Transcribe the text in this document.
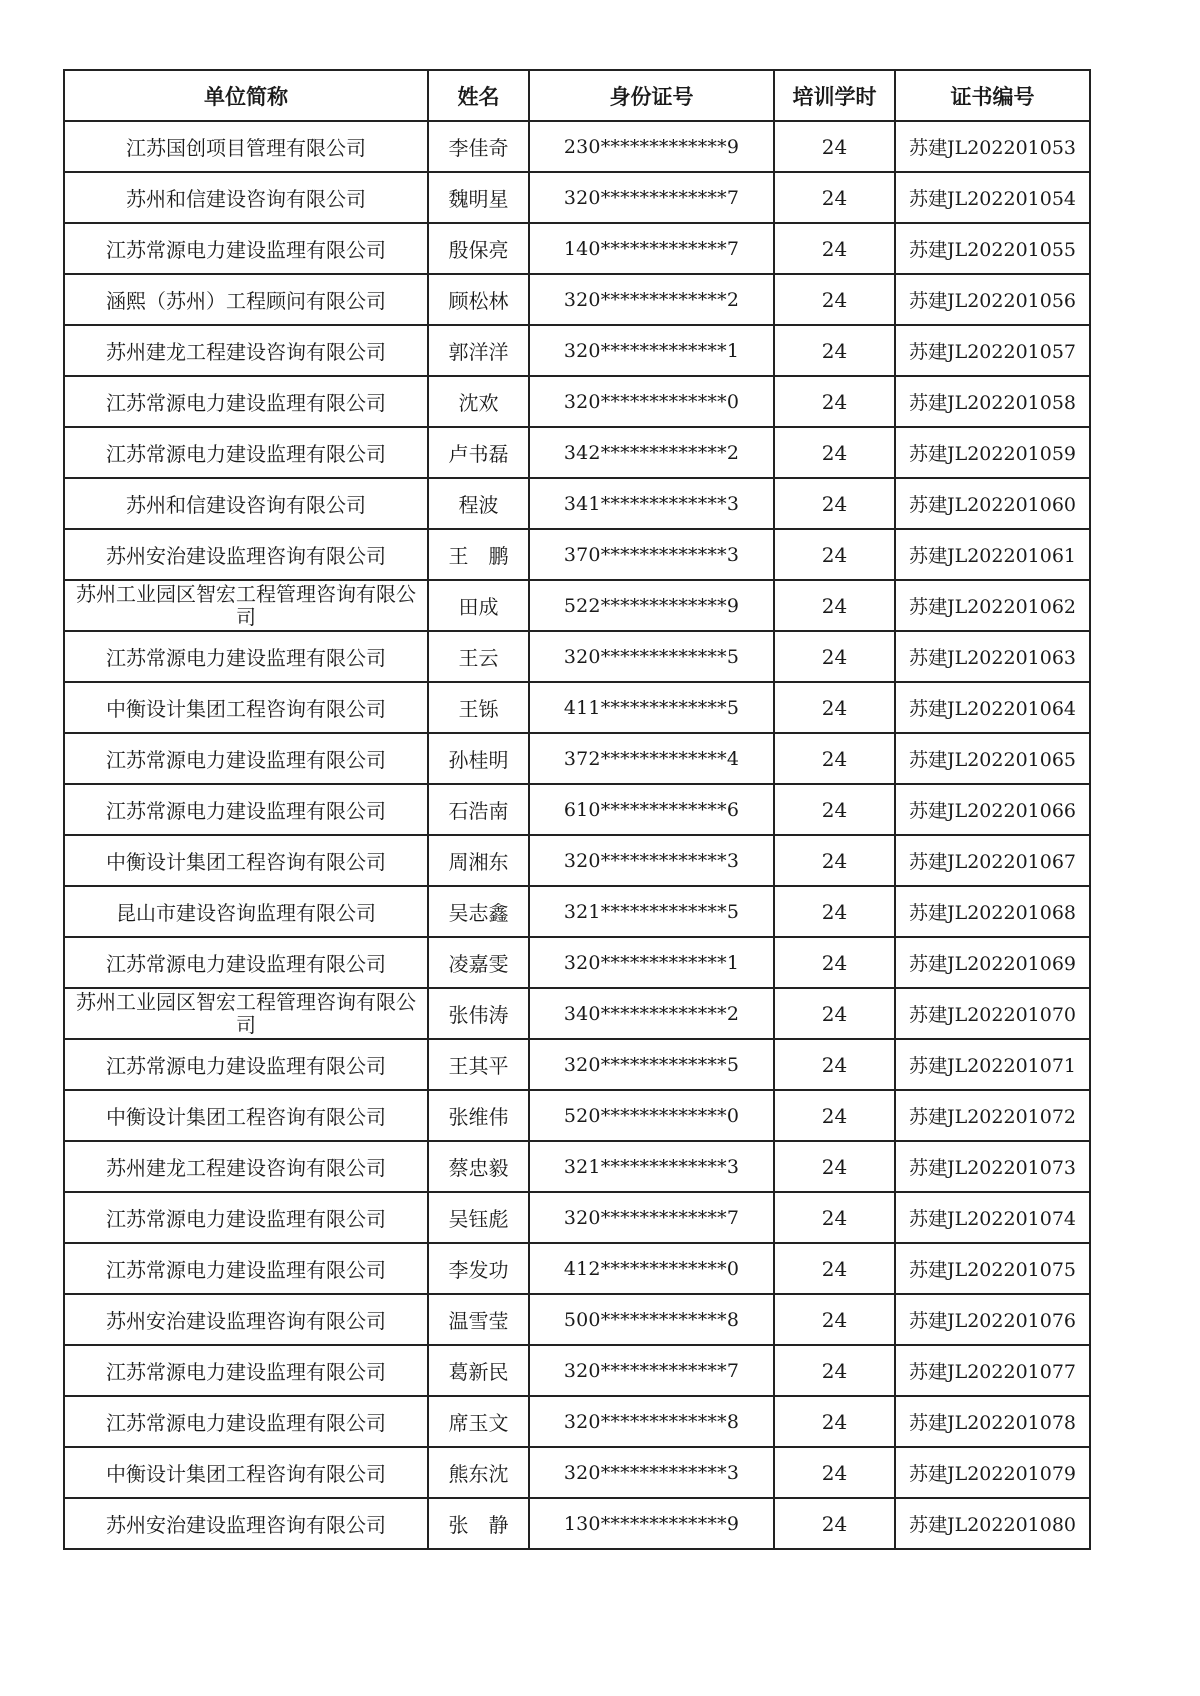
单位简称	姓名	身份证号	培训学时	证书编号
江苏国创项目管理有限公司	李佳奇	230*************9	24	苏建JL202201053
苏州和信建设咨询有限公司	魏明星	320*************7	24	苏建JL202201054
江苏常源电力建设监理有限公司	殷保亮	140*************7	24	苏建JL202201055
涵熙（苏州）工程顾问有限公司	顾松林	320*************2	24	苏建JL202201056
苏州建龙工程建设咨询有限公司	郭洋洋	320*************1	24	苏建JL202201057
江苏常源电力建设监理有限公司	沈欢	320*************0	24	苏建JL202201058
江苏常源电力建设监理有限公司	卢书磊	342*************2	24	苏建JL202201059
苏州和信建设咨询有限公司	程波	341*************3	24	苏建JL202201060
苏州安治建设监理咨询有限公司	王　鹏	370*************3	24	苏建JL202201061
苏州工业园区智宏工程管理咨询有限公司	田成	522*************9	24	苏建JL202201062
江苏常源电力建设监理有限公司	王云	320*************5	24	苏建JL202201063
中衡设计集团工程咨询有限公司	王铄	411*************5	24	苏建JL202201064
江苏常源电力建设监理有限公司	孙桂明	372*************4	24	苏建JL202201065
江苏常源电力建设监理有限公司	石浩南	610*************6	24	苏建JL202201066
中衡设计集团工程咨询有限公司	周湘东	320*************3	24	苏建JL202201067
昆山市建设咨询监理有限公司	吴志鑫	321*************5	24	苏建JL202201068
江苏常源电力建设监理有限公司	凌嘉雯	320*************1	24	苏建JL202201069
苏州工业园区智宏工程管理咨询有限公司	张伟涛	340*************2	24	苏建JL202201070
江苏常源电力建设监理有限公司	王其平	320*************5	24	苏建JL202201071
中衡设计集团工程咨询有限公司	张维伟	520*************0	24	苏建JL202201072
苏州建龙工程建设咨询有限公司	蔡忠毅	321*************3	24	苏建JL202201073
江苏常源电力建设监理有限公司	吴钰彪	320*************7	24	苏建JL202201074
江苏常源电力建设监理有限公司	李发功	412*************0	24	苏建JL202201075
苏州安治建设监理咨询有限公司	温雪莹	500*************8	24	苏建JL202201076
江苏常源电力建设监理有限公司	葛新民	320*************7	24	苏建JL202201077
江苏常源电力建设监理有限公司	席玉文	320*************8	24	苏建JL202201078
中衡设计集团工程咨询有限公司	熊东沈	320*************3	24	苏建JL202201079
苏州安治建设监理咨询有限公司	张　静	130*************9	24	苏建JL202201080
